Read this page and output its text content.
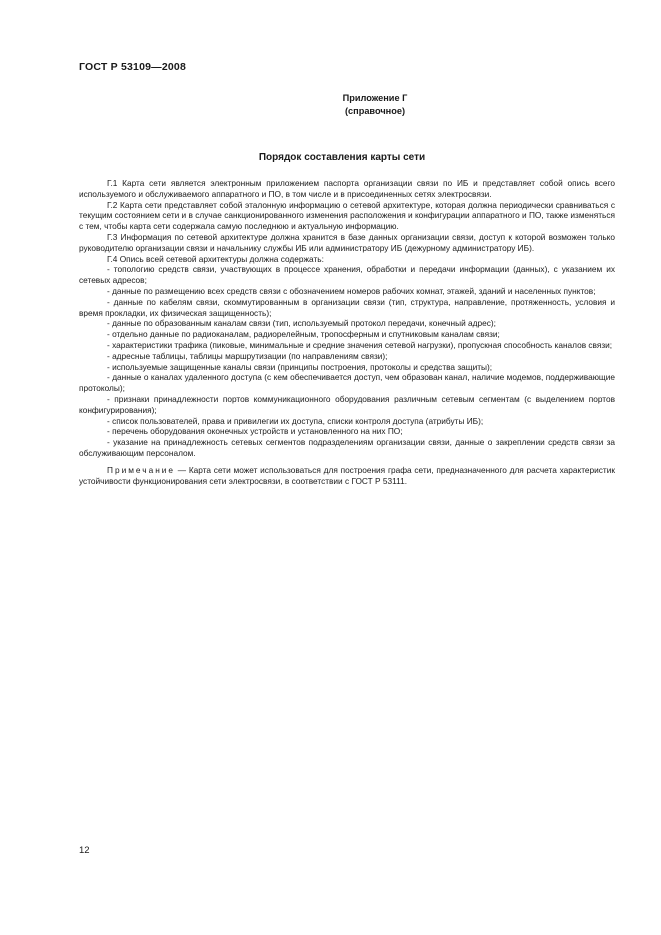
ГОСТ Р 53109—2008
Приложение Г
(справочное)
Порядок составления карты сети

Г.1 Карта сети является электронным приложением паспорта организации связи по ИБ и представляет собой опись всего используемого и обслуживаемого аппаратного и ПО, в том числе и в присоединенных сетях электросвязи.

Г.2 Карта сети представляет собой эталонную информацию о сетевой архитектуре, которая должна периодически сравниваться с текущим состоянием сети и в случае санкционированного изменения расположения и конфигурации аппаратного и ПО, также изменяться с тем, чтобы карта сети содержала самую последнюю и актуальную информацию.

Г.3 Информация по сетевой архитектуре должна хранится в базе данных организации связи, доступ к которой возможен только руководителю организации связи и начальнику службы ИБ или администратору ИБ (дежурному администратору ИБ).

Г.4 Опись всей сетевой архитектуры должна содержать:

- топологию средств связи, участвующих в процессе хранения, обработки и передачи информации (данных), с указанием их сетевых адресов;

- данные по размещению всех средств связи с обозначением номеров рабочих комнат, этажей, зданий и населенных пунктов;

- данные по кабелям связи, скоммутированным в организации связи (тип, структура, направление, протяженность, условия и время прокладки, их физическая защищенность);

- данные по образованным каналам связи (тип, используемый протокол передачи, конечный адрес);

- отдельно данные по радиоканалам, радиорелейным, тропосферным и спутниковым каналам связи;

- характеристики трафика (пиковые, минимальные и средние значения сетевой нагрузки), пропускная способность каналов связи;

- адресные таблицы, таблицы маршрутизации (по направлениям связи);

- используемые защищенные каналы связи (принципы построения, протоколы и средства защиты);

- данные о каналах удаленного доступа (с кем обеспечивается доступ, чем образован канал, наличие модемов, поддерживающие протоколы);

- признаки принадлежности портов коммуникационного оборудования различным сетевым сегментам (с выделением портов конфигурирования);

- список пользователей, права и привилегии их доступа, списки контроля доступа (атрибуты ИБ);

- перечень оборудования оконечных устройств и установленного на них ПО;

- указание на принадлежность сетевых сегментов подразделениям организации связи, данные о закреплении средств связи за обслуживающим персоналом.

Примечание — Карта сети может использоваться для построения графа сети, предназначенного для расчета характеристик устойчивости функционирования сети электросвязи, в соответствии с ГОСТ Р 53111.

12
